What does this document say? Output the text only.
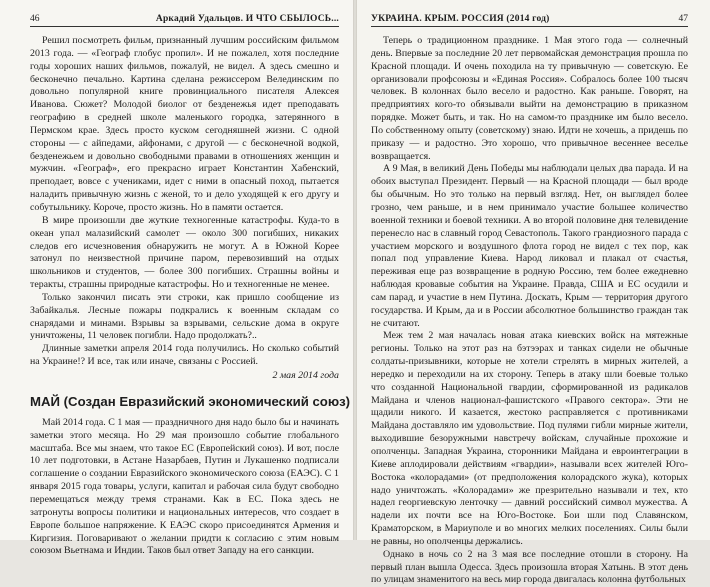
46	Аркадий Удальцов. И ЧТО СБЫЛОСЬ...

Решил посмотреть фильм, признанный лучшим российским фильмом 2013 года. — «Географ глобус пропил». И не пожалел, хотя последние годы хороших наших фильмов, пожалуй, не видел. А здесь смешно и бесконечно печально. Картина сделана режиссером Велединским по довольно популярной книге провинциального писателя Алексея Иванова. Сюжет? Молодой биолог от безденежья идет преподавать географию в средней школе маленького городка, затерянного в Пермском крае. Здесь просто куском сегодняшней жизни. С одной стороны — с айпедами, айфонами, с другой — с бесконечной водкой, безденежьем и довольно свободными правами в отношениях женщин и мужчин. «Географ», его прекрасно играет Константин Хабенский, преподает, вовсе с учениками, идет с ними в опасный поход, пытается наладить привычную жизнь с женой, то и дело уходящей к его другу и собутыльнику. Короче, просто жизнь. Но в памяти остается.

В мире произошли две жуткие техногенные катастрофы. Куда-то в океан упал малазийский самолет — около 300 погибших, никаких следов его исчезновения обнаружить не могут. А в Южной Корее затонул по неизвестной причине паром, перевозивший на отдых школьников и студентов, — более 300 погибших. Страшны войны и теракты, страшны природные катастрофы. Но и техногенные не менее.

Только закончил писать эти строки, как пришло сообщение из Забайкалья. Лесные пожары подкрались к военным складам со снарядами и минами. Взрывы за взрывами, сельские дома в округе уничтожены, 11 человек погибли. Надо продолжать?..

Длинные заметки апреля 2014 года получились. Но сколько событий на Украине!? И все, так или иначе, связаны с Россией.

2 мая 2014 года
МАЙ (Создан Евразийский экономический союз)

Май 2014 года. С 1 мая — праздничного дня надо было бы и начинать заметки этого месяца. Но 29 мая произошло событие глобального масштаба. Все мы знаем, что такое ЕС (Европейский союз). И вот, после 10 лет подготовки, в Астане Назарбаев, Путин и Лукашенко подписали соглашение о создании Евразийского экономического союза (ЕАЭС). С 1 января 2015 года товары, услуги, капитал и рабочая сила будут свободно перемещаться между тремя странами. Как в ЕС. Пока здесь не затронуты вопросы политики и национальных интересов, что создает в Европе большое напряжение. К ЕАЭС скоро присоединятся Армения и Киргизия. Поговаривают о желании придти к согласию с этим новым союзом Вьетнама и Индии. Таков был ответ Западу на его санкции.

УКРАИНА. КРЫМ. РОССИЯ (2014 год)	47

Теперь о традиционном празднике. 1 Мая этого года — солнечный день. Впервые за последние 20 лет первомайская демонстрация прошла по Красной площади. И очень походила на ту привычную — советскую. Ее организовали профсоюзы и «Единая Россия». Собралось более 100 тысяч человек. В колоннах было весело и радостно. Как раньше. Говорят, на предприятиях кого-то обязывали выйти на демонстрацию в приказном порядке. Может быть, и так. Но на самом-то празднике им было весело. По собственному опыту (советскому) знаю. Идти не хочешь, а придешь по приказу — и радостно. Это хорошо, что привычное весеннее веселье возвращается.

А 9 Мая, в великий День Победы мы наблюдали целых два парада. И на обоих выступал Президент. Первый — на Красной площади — был вроде бы обычным. Но это только на первый взгляд. Нет, он выглядел более грозно, чем раньше, и в нем принимало участие большее количество военной техники и боевой техники. А во второй половине дня телевидение перенесло нас в славный город Севастополь. Такого грандиозного парада с участием морского и воздушного флота город не видел с тех пор, как попал под управление Киева. Народ ликовал и плакал от счастья, переживая еще раз возвращение в родную Россию, тем более ежедневно наблюдая кровавые события на Украине. Правда, США и ЕС осудили и сам парад, и участие в нем Путина. Доскать, Крым — территория другого государства. И Крым, да и в России абсолютное большинство граждан так не считают.

Меж тем 2 мая началась новая атака киевских войск на мятежные регионы. Только на этот раз на бэтээрах и танках сидели не обычные солдаты-призывники, которые не хотели стрелять в мирных жителей, а нередко и переходили на их сторону. Теперь в атаку шли боевые только что созданной Национальной гвардии, сформированной из радикалов Майдана и членов национал-фашистского «Правого сектора». Эти не щадили никого. И казается, жестоко расправляется с противниками Майдана доставляло им удовольствие. Под пулями гибли мирные жители, выходившие безоружными навстречу войскам, случайные прохожие и ополченцы. Западная Украина, сторонники Майдана и евроинтеграции в Киеве аплодировали действиям «гвардии», называли всех жителей Юго-Востока «колорадами» (от предположения колорадского жука), которых надо уничтожать. «Колорадами» же презрительно называли и тех, кто надел георгиевскую ленточку — давний российский символ мужества. А надели их почти все на Юго-Востоке. Бои шли под Славянском, Краматорском, в Мариуполе и во многих мелких поселениях. Силы были не равны, но ополченцы держались.

Однако в ночь со 2 на 3 мая все последние отошли в сторону. На первый план вышла Одесса. Здесь произошла вторая Хатынь. В этот день по улицам знаменитого на весь мир города двигалась колонна футбольных
